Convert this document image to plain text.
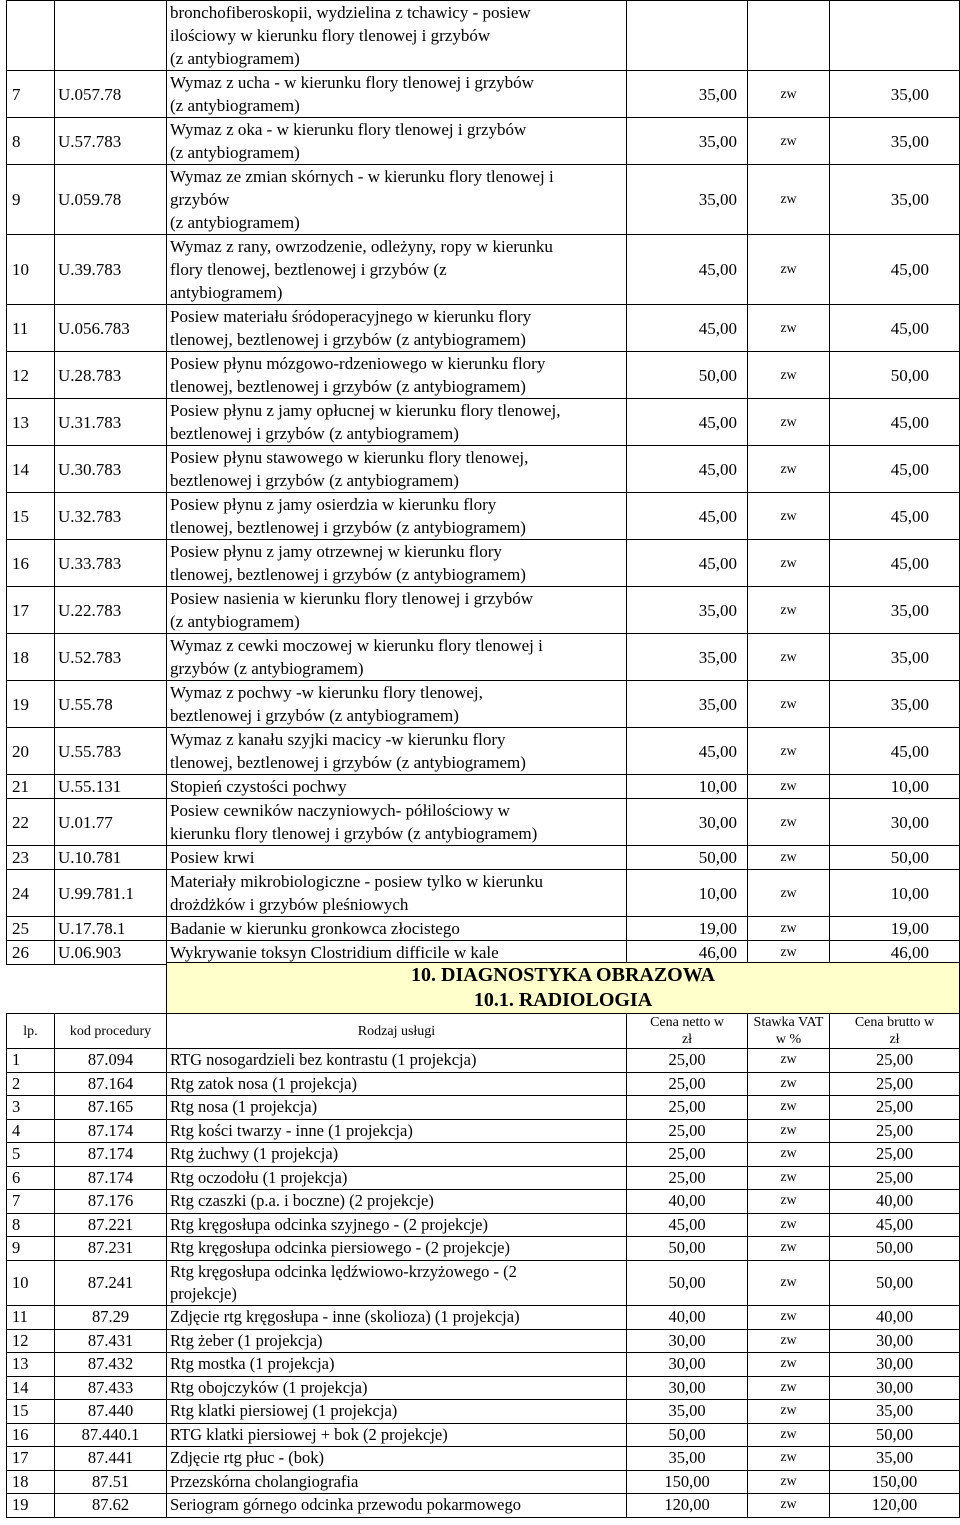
		bronchofiberoskopii, wydzielina z tchawicy - posiew
ilościowy w kierunku flory tlenowej i grzybów
(z antybiogramem)			
7	U.057.78	Wymaz z ucha - w kierunku flory tlenowej i grzybów
(z antybiogramem)	35,00	zw	35,00
8	U.57.783	Wymaz z oka - w kierunku flory tlenowej i grzybów
(z antybiogramem)	35,00	zw	35,00
9	U.059.78	Wymaz ze zmian skórnych - w kierunku flory tlenowej i
grzybów
(z antybiogramem)	35,00	zw	35,00
10	U.39.783	Wymaz z rany, owrzodzenie, odleżyny, ropy w kierunku
flory tlenowej, beztlenowej i grzybów (z
antybiogramem)	45,00	zw	45,00
11	U.056.783	Posiew materiału śródoperacyjnego w kierunku flory
tlenowej, beztlenowej i grzybów (z antybiogramem)	45,00	zw	45,00
12	U.28.783	Posiew płynu mózgowo-rdzeniowego w kierunku flory
tlenowej, beztlenowej i grzybów (z antybiogramem)	50,00	zw	50,00
13	U.31.783	Posiew płynu z jamy opłucnej w kierunku flory tlenowej,
beztlenowej i grzybów (z antybiogramem)	45,00	zw	45,00
14	U.30.783	Posiew płynu stawowego w kierunku flory tlenowej,
beztlenowej i grzybów (z antybiogramem)	45,00	zw	45,00
15	U.32.783	Posiew płynu z jamy osierdzia w kierunku flory
tlenowej, beztlenowej i grzybów (z antybiogramem)	45,00	zw	45,00
16	U.33.783	Posiew płynu z jamy otrzewnej w kierunku flory
tlenowej, beztlenowej i grzybów (z antybiogramem)	45,00	zw	45,00
17	U.22.783	Posiew nasienia w kierunku flory tlenowej i grzybów
(z antybiogramem)	35,00	zw	35,00
18	U.52.783	Wymaz z cewki moczowej w kierunku flory tlenowej i
grzybów (z antybiogramem)	35,00	zw	35,00
19	U.55.78	Wymaz z pochwy -w kierunku flory tlenowej,
beztlenowej i grzybów (z antybiogramem)	35,00	zw	35,00
20	U.55.783	Wymaz z kanału szyjki macicy -w kierunku flory
tlenowej, beztlenowej i grzybów (z antybiogramem)	45,00	zw	45,00
21	U.55.131	Stopień czystości pochwy	10,00	zw	10,00
22	U.01.77	Posiew cewników naczyniowych- półilościowy w
kierunku flory tlenowej i grzybów (z antybiogramem)	30,00	zw	30,00
23	U.10.781	Posiew krwi	50,00	zw	50,00
24	U.99.781.1	Materiały mikrobiologiczne - posiew tylko w kierunku
drożdżków i grzybów pleśniowych	10,00	zw	10,00
25	U.17.78.1	Badanie w kierunku gronkowca złocistego	19,00	zw	19,00
26	U.06.903	Wykrywanie toksyn Clostridium difficile w kale	46,00	zw	46,00

		10. DIAGNOSTYKA OBRAZOWA
10.1. RADIOLOGIA			

lp.	kod procedury	Rodzaj usługi	Cena netto w
zł	Stawka VAT
w %	Cena brutto w
zł
1	87.094	RTG nosogardzieli bez kontrastu (1 projekcja)	25,00	zw	25,00
2	87.164	Rtg zatok nosa (1 projekcja)	25,00	zw	25,00
3	87.165	Rtg nosa (1 projekcja)	25,00	zw	25,00
4	87.174	Rtg kości twarzy - inne (1 projekcja)	25,00	zw	25,00
5	87.174	Rtg żuchwy (1 projekcja)	25,00	zw	25,00
6	87.174	Rtg oczodołu (1 projekcja)	25,00	zw	25,00
7	87.176	Rtg czaszki (p.a. i boczne) (2 projekcje)	40,00	zw	40,00
8	87.221	Rtg kręgosłupa odcinka szyjnego - (2 projekcje)	45,00	zw	45,00
9	87.231	Rtg kręgosłupa odcinka piersiowego - (2 projekcje)	50,00	zw	50,00
10	87.241	Rtg kręgosłupa odcinka lędźwiowo-krzyżowego - (2
projekcje)	50,00	zw	50,00
11	87.29	Zdjęcie rtg kręgosłupa - inne (skolioza) (1 projekcja)	40,00	zw	40,00
12	87.431	Rtg żeber (1 projekcja)	30,00	zw	30,00
13	87.432	Rtg mostka (1 projekcja)	30,00	zw	30,00
14	87.433	Rtg obojczyków (1 projekcja)	30,00	zw	30,00
15	87.440	Rtg klatki piersiowej (1 projekcja)	35,00	zw	35,00
16	87.440.1	RTG klatki piersiowej + bok (2 projekcje)	50,00	zw	50,00
17	87.441	Zdjęcie rtg płuc - (bok)	35,00	zw	35,00
18	87.51	Przezskórna cholangiografia	150,00	zw	150,00
19	87.62	Seriogram górnego odcinka przewodu pokarmowego	120,00	zw	120,00
